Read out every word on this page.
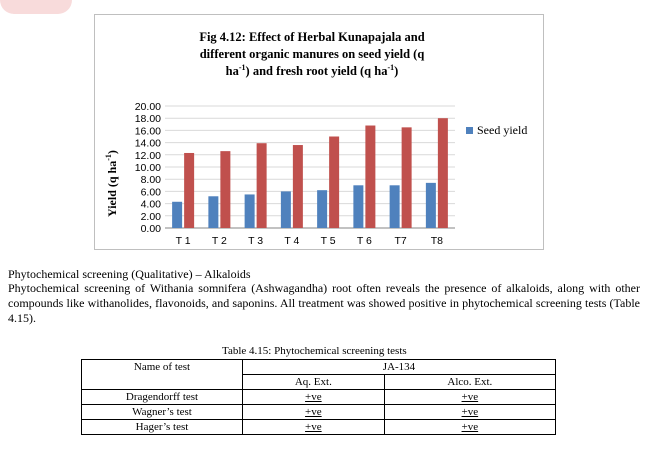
Fig 4.12: Effect of Herbal Kunapajala and
different organic manures on seed yield (q
$ha^{-1}$) and fresh root yield (q $ha^{-1}$)
Yield (q $ha^{-1}$)
0.00
2.00
4.00
6.00
8.00
10.00
12.00
14.00
16.00
18.00
20.00
T 1 T 2 T 3 T 4 T 5 T 6 T7 T8
Seed yield
Phytochemical screening (Qualitative) – Alkaloids
Phytochemical screening of Withania somnifera (Ashwagandha) root often reveals the presence of alkaloids, along with other compounds like withanolides, flavonoids, and saponins. All treatment was showed positive in phytochemical screening tests (Table 4.15).
Table 4.15: Phytochemical screening tests
Name of test	JA-134	
	Aq. Ext.	Alco. Ext.
Dragendorff test	+ve	+ve
Wagner’s test	+ve	+ve
Hager’s test	+ve	+ve
